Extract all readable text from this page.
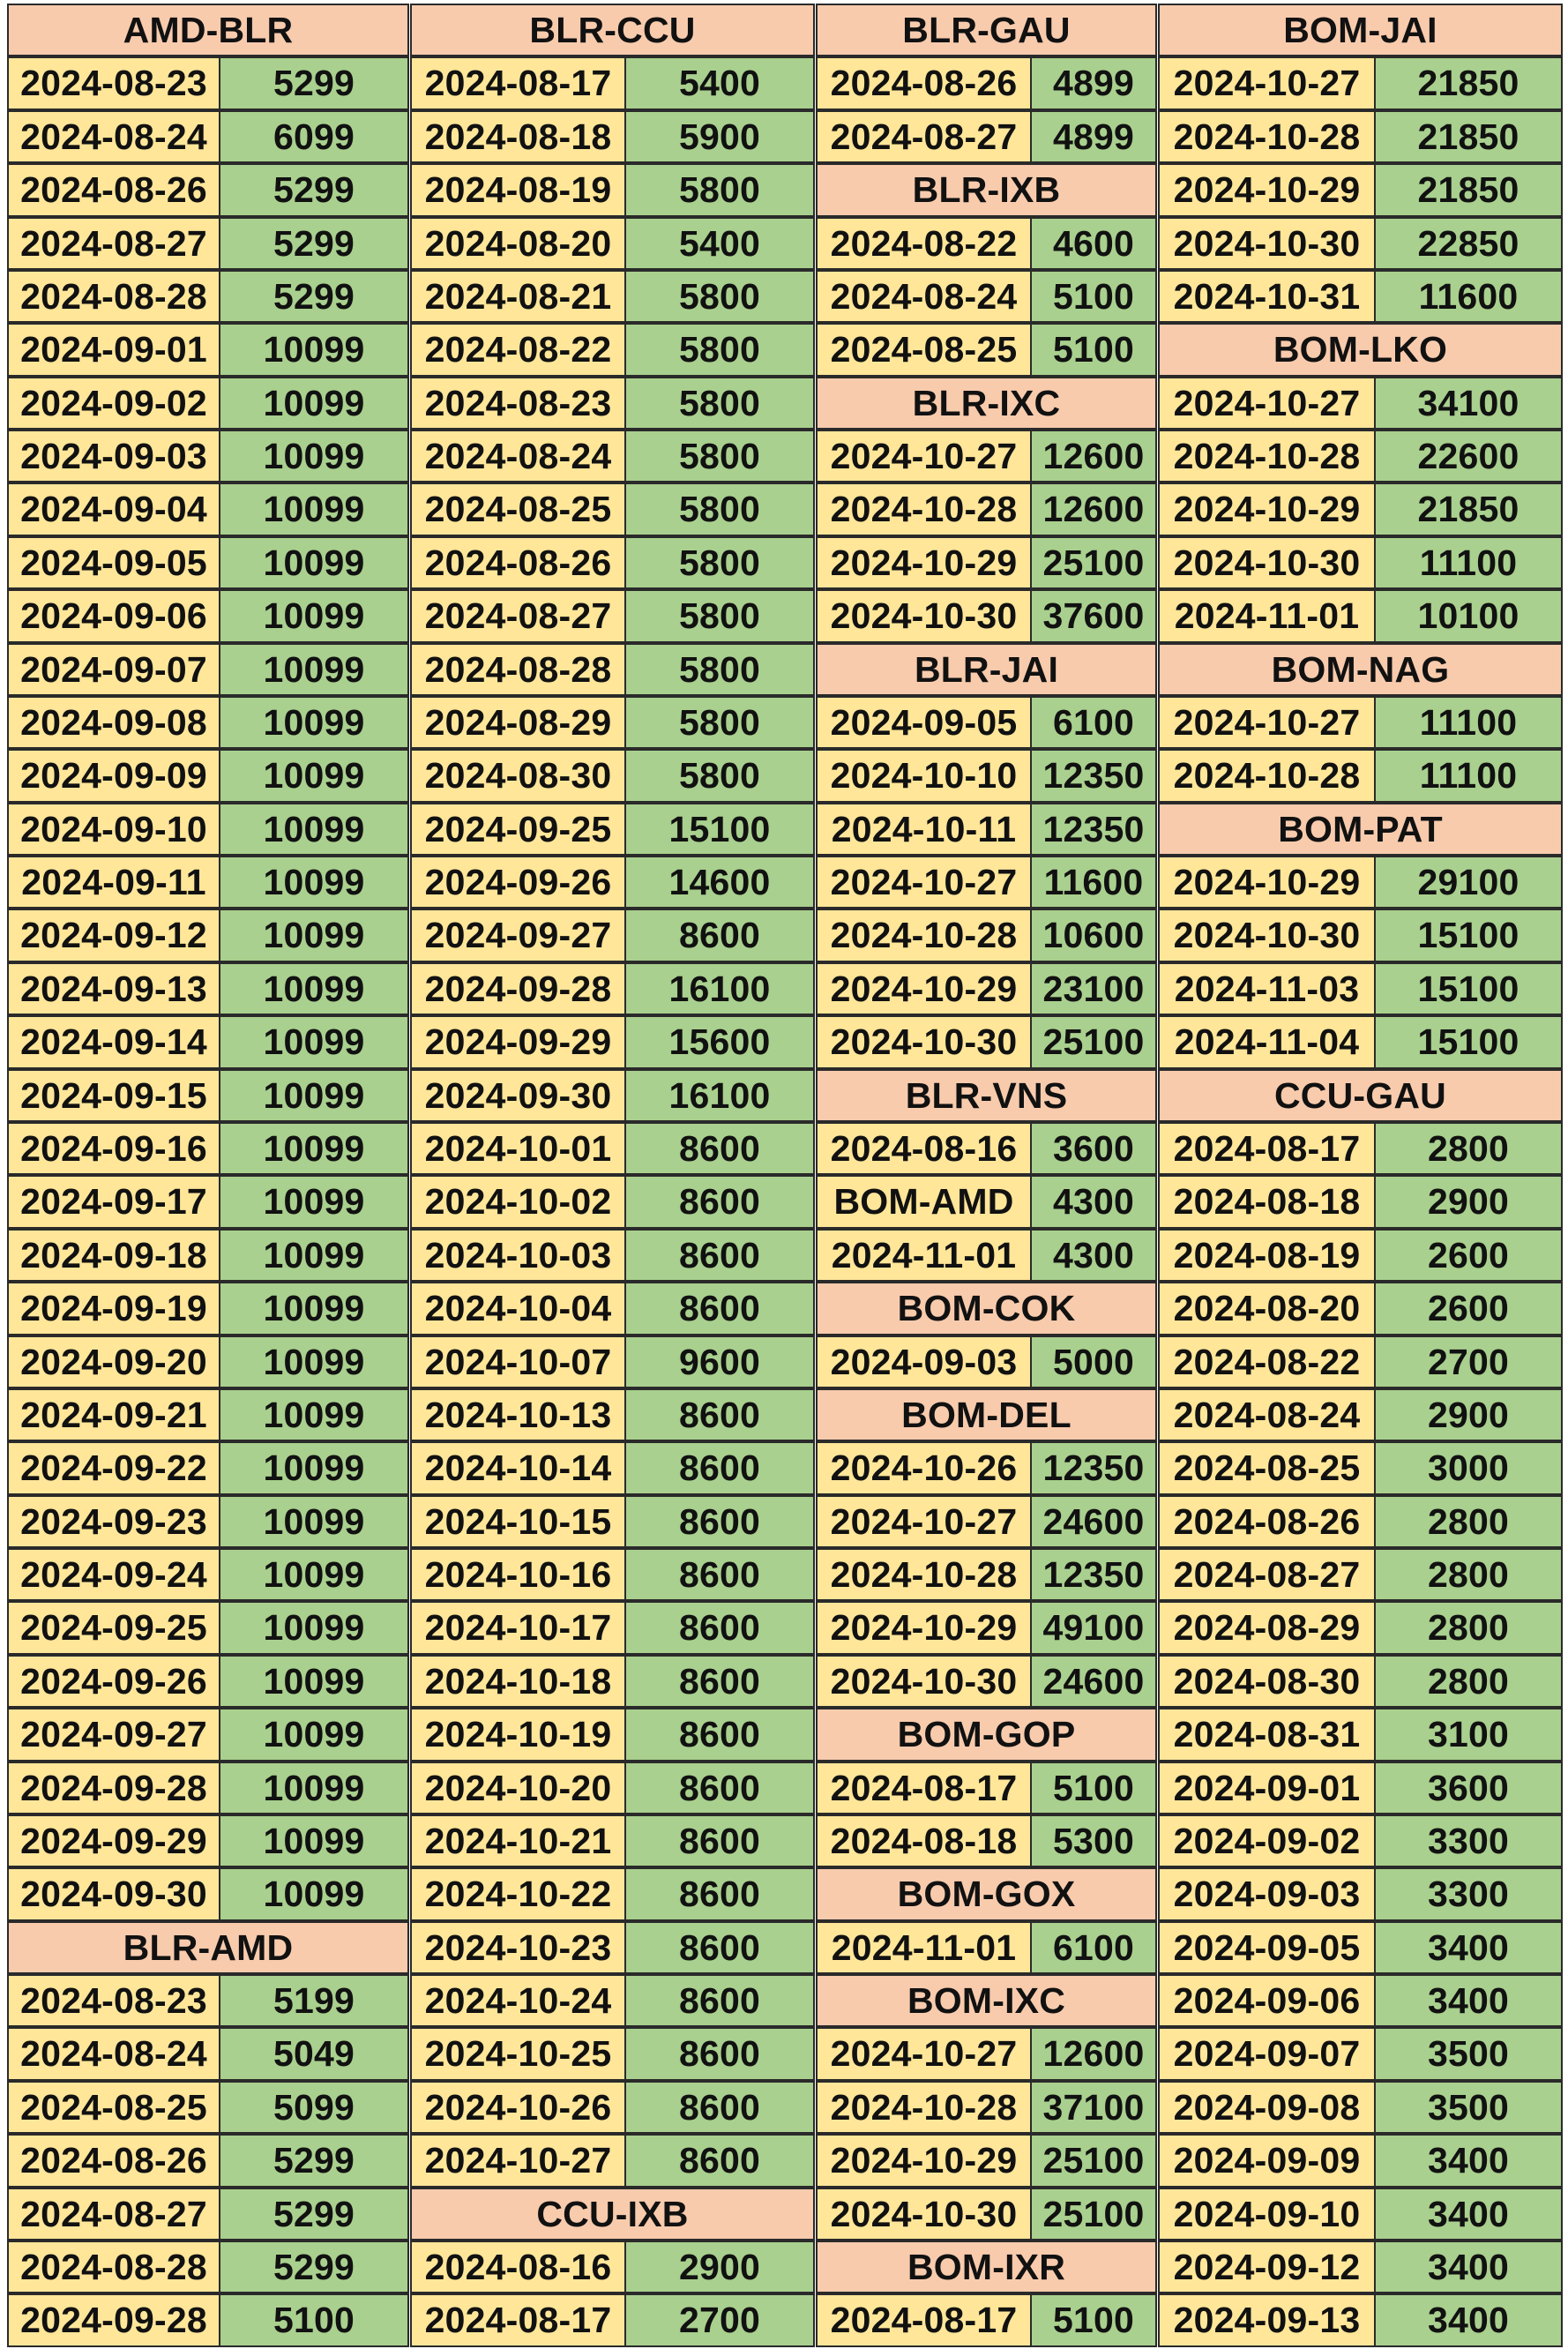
AMD-BLR
2024-08-23	5299
2024-08-24	6099
2024-08-26	5299
2024-08-27	5299
2024-08-28	5299
2024-09-01	10099
2024-09-02	10099
2024-09-03	10099
2024-09-04	10099
2024-09-05	10099
2024-09-06	10099
2024-09-07	10099
2024-09-08	10099
2024-09-09	10099
2024-09-10	10099
2024-09-11	10099
2024-09-12	10099
2024-09-13	10099
2024-09-14	10099
2024-09-15	10099
2024-09-16	10099
2024-09-17	10099
2024-09-18	10099
2024-09-19	10099
2024-09-20	10099
2024-09-21	10099
2024-09-22	10099
2024-09-23	10099
2024-09-24	10099
2024-09-25	10099
2024-09-26	10099
2024-09-27	10099
2024-09-28	10099
2024-09-29	10099
2024-09-30	10099
BLR-AMD
2024-08-23	5199
2024-08-24	5049
2024-08-25	5099
2024-08-26	5299
2024-08-27	5299
2024-08-28	5299
2024-09-28	5100
BLR-CCU
2024-08-17	5400
2024-08-18	5900
2024-08-19	5800
2024-08-20	5400
2024-08-21	5800
2024-08-22	5800
2024-08-23	5800
2024-08-24	5800
2024-08-25	5800
2024-08-26	5800
2024-08-27	5800
2024-08-28	5800
2024-08-29	5800
2024-08-30	5800
2024-09-25	15100
2024-09-26	14600
2024-09-27	8600
2024-09-28	16100
2024-09-29	15600
2024-09-30	16100
2024-10-01	8600
2024-10-02	8600
2024-10-03	8600
2024-10-04	8600
2024-10-07	9600
2024-10-13	8600
2024-10-14	8600
2024-10-15	8600
2024-10-16	8600
2024-10-17	8600
2024-10-18	8600
2024-10-19	8600
2024-10-20	8600
2024-10-21	8600
2024-10-22	8600
2024-10-23	8600
2024-10-24	8600
2024-10-25	8600
2024-10-26	8600
2024-10-27	8600
CCU-IXB
2024-08-16	2900
2024-08-17	2700
BLR-GAU
2024-08-26 4899
2024-08-27 4899
BLR-IXB
2024-08-22 4600
2024-08-24 5100
2024-08-25 5100
BLR-IXC
2024-10-27 12600
2024-10-28 12600
2024-10-29 25100
2024-10-30 37600
BLR-JAI
2024-09-05 6100
2024-10-10 12350
2024-10-11 12350
2024-10-27 11600
2024-10-28 10600
2024-10-29 23100
2024-10-30 25100
BLR-VNS
2024-08-16 3600
BOM-AMD	4300
2024-11-01	4300
BOM-COK
2024-09-03 5000
BOM-DEL
2024-10-26 12350
2024-10-27 24600
2024-10-28 12350
2024-10-29 49100
2024-10-30 24600
BOM-GOP
2024-08-17 5100
2024-08-18 5300
BOM-GOX
2024-11-01	6100
BOM-IXC
2024-10-27 12600
2024-10-28 37100
2024-10-29 25100
2024-10-30 25100
BOM-IXR
2024-08-17 5100
BOM-JAI
2024-10-27	21850
2024-10-28	21850
2024-10-29	21850
2024-10-30	22850
2024-10-31	11600
BOM-LKO
2024-10-27	34100
2024-10-28	22600
2024-10-29	21850
2024-10-30	11100
2024-11-01	10100
BOM-NAG
2024-10-27	11100
2024-10-28	11100
BOM-PAT
2024-10-29	29100
2024-10-30	15100
2024-11-03	15100
2024-11-04	15100
CCU-GAU
2024-08-17	2800
2024-08-18	2900
2024-08-19	2600
2024-08-20	2600
2024-08-22	2700
2024-08-24	2900
2024-08-25	3000
2024-08-26	2800
2024-08-27	2800
2024-08-29	2800
2024-08-30	2800
2024-08-31	3100
2024-09-01	3600
2024-09-02	3300
2024-09-03	3300
2024-09-05	3400
2024-09-06	3400
2024-09-07	3500
2024-09-08	3500
2024-09-09	3400
2024-09-10	3400
2024-09-12	3400
2024-09-13	3400
